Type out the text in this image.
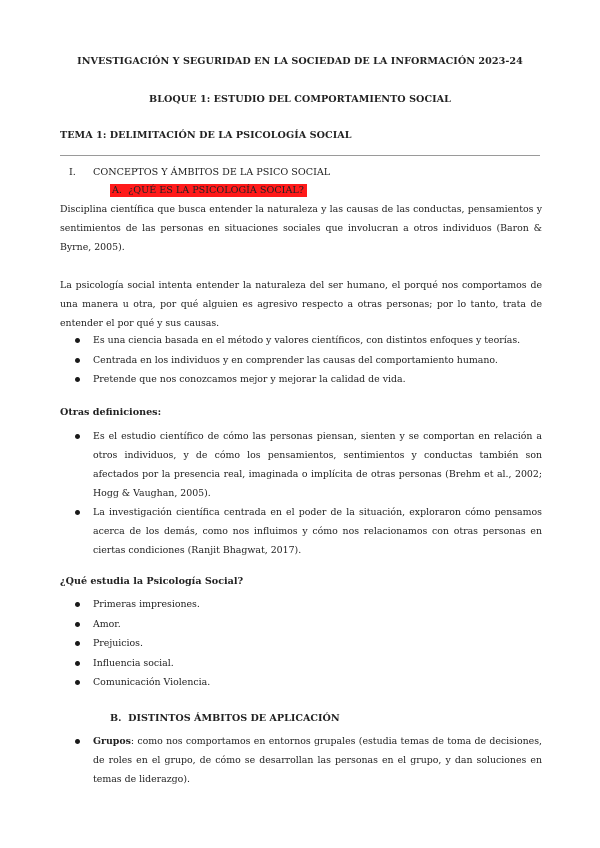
INVESTIGACIÓN Y SEGURIDAD EN LA SOCIEDAD DE LA INFORMACIÓN 2023-24
BLOQUE 1: ESTUDIO DEL COMPORTAMIENTO SOCIAL
TEMA 1: DELIMITACIÓN DE LA PSICOLOGÍA SOCIAL
I. CONCEPTOS Y ÁMBITOS DE LA PSICO SOCIAL
A. ¿QUÉ ES LA PSICOLOGÍA SOCIAL?
Disciplina científica que busca entender la naturaleza y las causas de las conductas, pensamientos y sentimientos de las personas en situaciones sociales que involucran a otros individuos (Baron & Byrne, 2005).
La psicología social intenta entender la naturaleza del ser humano, el porqué nos comportamos de una manera u otra, por qué alguien es agresivo respecto a otras personas; por lo tanto, trata de entender el por qué y sus causas.
Es una ciencia basada en el método y valores científicos, con distintos enfoques y teorías.
Centrada en los individuos y en comprender las causas del comportamiento humano.
Pretende que nos conozcamos mejor y mejorar la calidad de vida.
Otras definiciones:
Es el estudio científico de cómo las personas piensan, sienten y se comportan en relación a otros individuos, y de cómo los pensamientos, sentimientos y conductas también son afectados por la presencia real, imaginada o implícita de otras personas (Brehm et al., 2002; Hogg & Vaughan, 2005).
La investigación científica centrada en el poder de la situación, exploraron cómo pensamos acerca de los demás, como nos influimos y cómo nos relacionamos con otras personas en ciertas condiciones (Ranjit Bhagwat, 2017).
¿Qué estudia la Psicología Social?
Primeras impresiones.
Amor.
Prejuicios.
Influencia social.
Comunicación Violencia.
B. DISTINTOS ÁMBITOS DE APLICACIÓN
Grupos: como nos comportamos en entornos grupales (estudia temas de toma de decisiones, de roles en el grupo, de cómo se desarrollan las personas en el grupo, y dan soluciones en temas de liderazgo).
